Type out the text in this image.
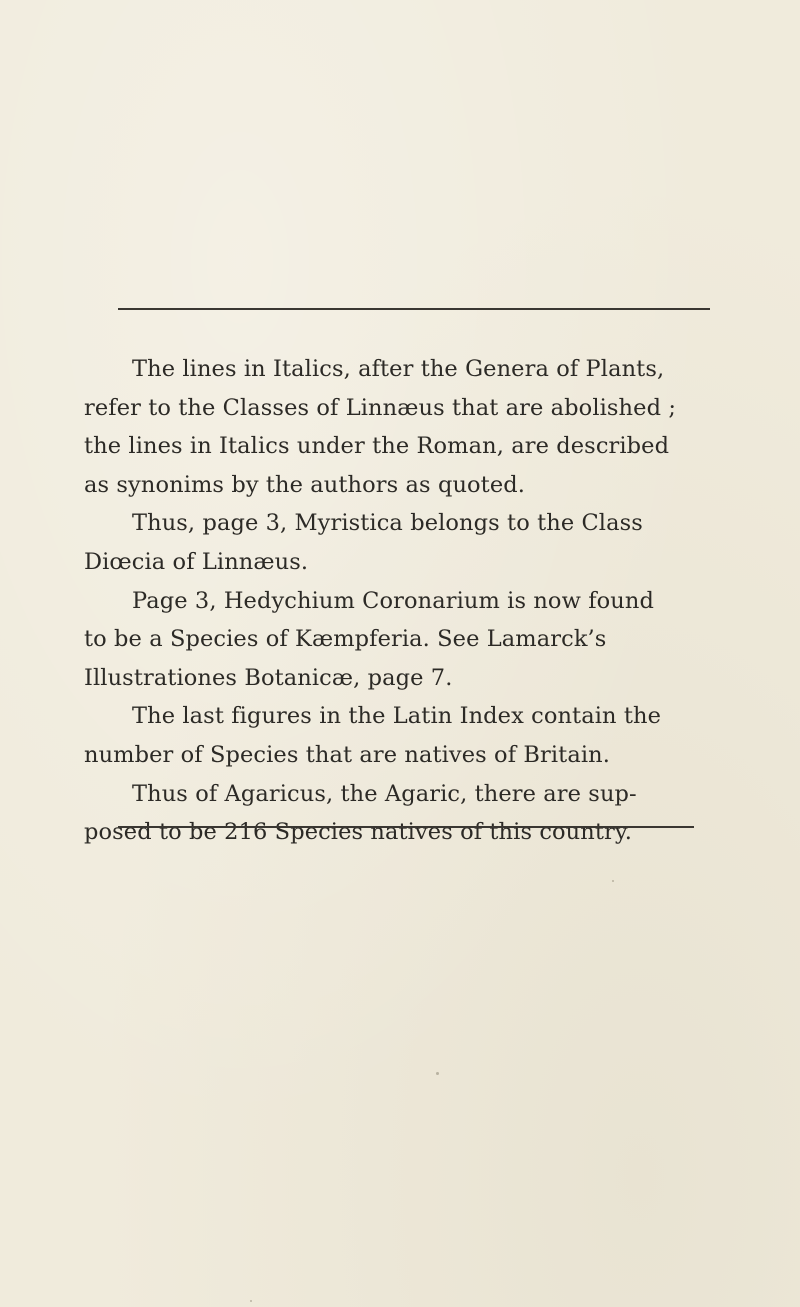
The lines in Italics, after the Genera of Plants,
refer to the Classes of Linnæus that are abolished ;
the lines in Italics under the Roman, are described
as synonims by the authors as quoted.

Thus, page 3, Myristica belongs to the Class
Diœcia of Linnæus.

Page 3, Hedychium Coronarium is now found
to be a Species of Kæmpferia. See Lamarck’s
Illustrationes Botanicæ, page 7.

The last figures in the Latin Index contain the
number of Species that are natives of Britain.

Thus of Agaricus, the Agaric, there are sup-
posed to be 216 Species natives of this country.
